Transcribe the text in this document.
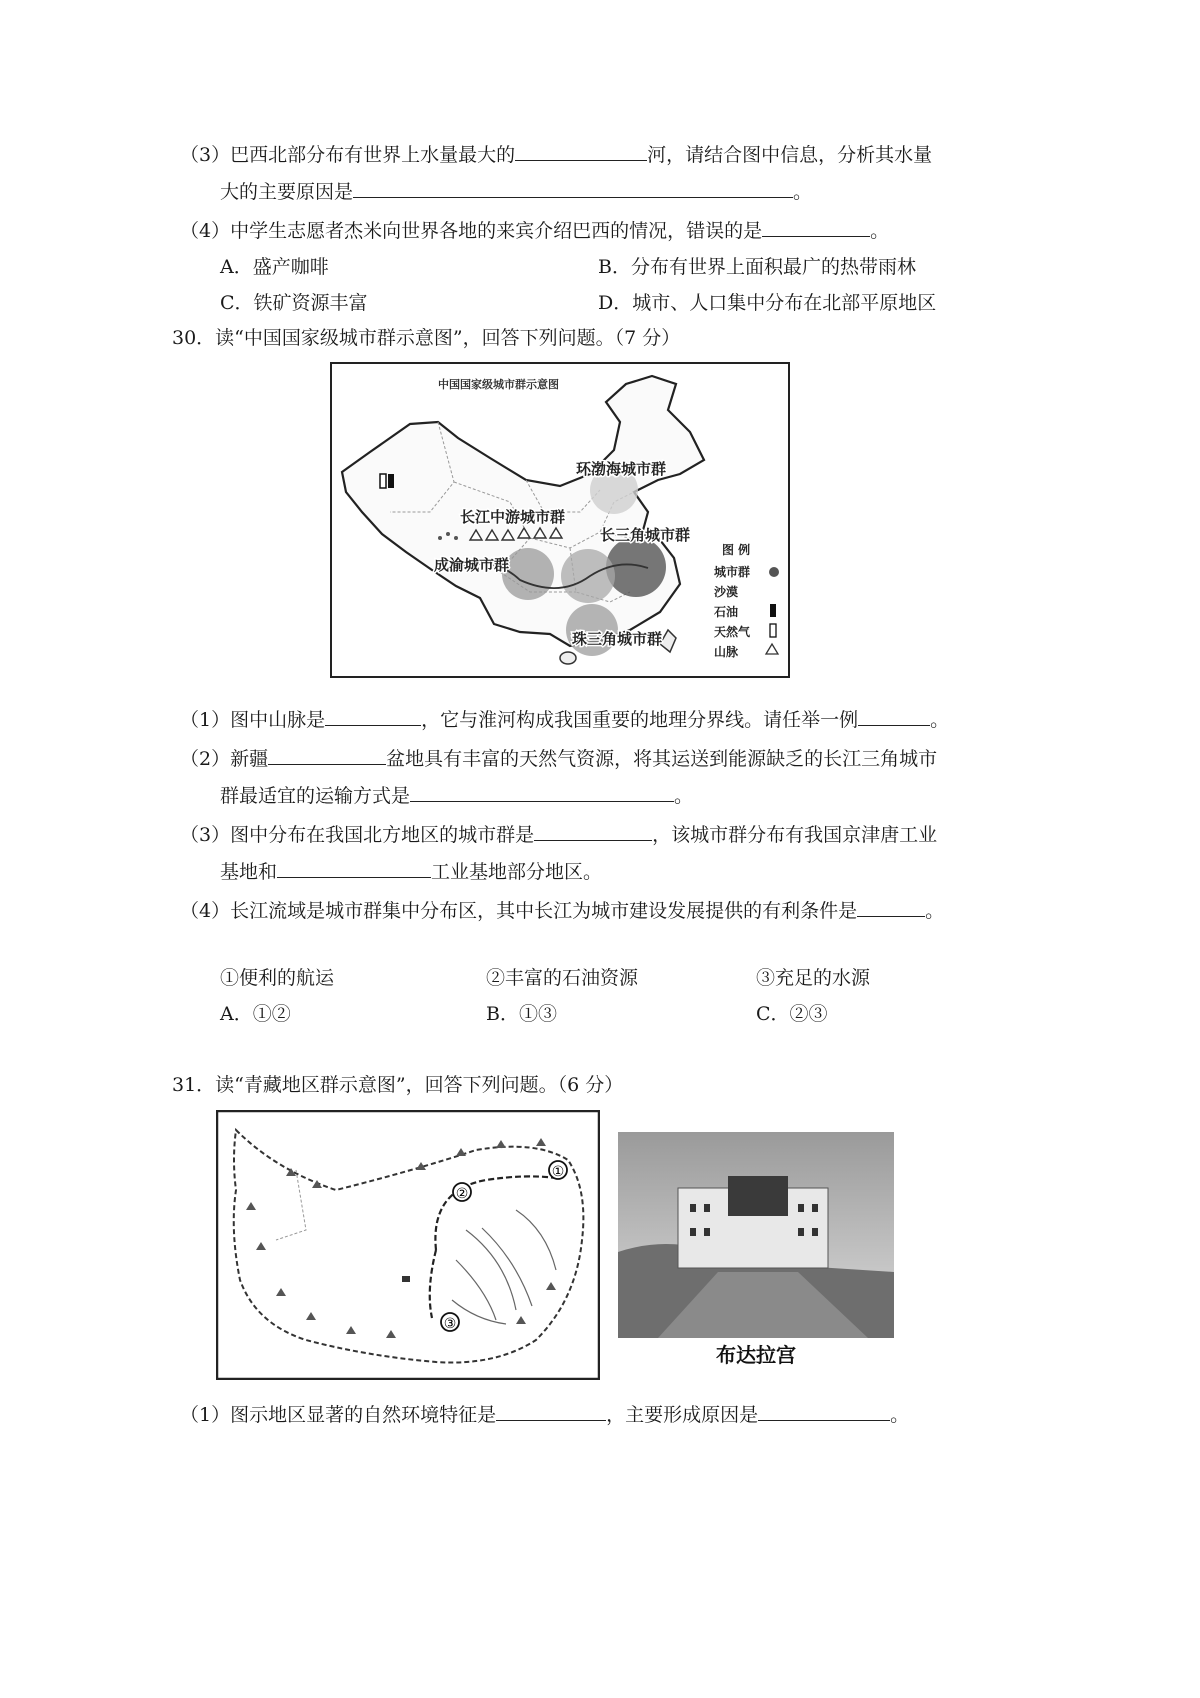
（3）巴西北部分布有世界上水量最大的	河，请结合图中信息，分析其水量
大的主要原因是	。
（4）中学生志愿者杰米向世界各地的来宾介绍巴西的情况，错误的是	。
A．盛产咖啡	B．分布有世界上面积最广的热带雨林
C．铁矿资源丰富	D．城市、人口集中分布在北部平原地区
30．读“中国国家级城市群示意图”，回答下列问题。（7 分）
中国国家级城市群示意图
环渤海城市群
长江中游城市群
长三角城市群
成渝城市群
珠三角城市群
图 例
城市群
沙漠
石油
天然气
山脉
（1）图中山脉是	，它与淮河构成我国重要的地理分界线。请任举一例	。
（2）新疆	盆地具有丰富的天然气资源，将其运送到能源缺乏的长江三角城市
群最适宜的运输方式是	。
（3）图中分布在我国北方地区的城市群是	，该城市群分布有我国京津唐工业
基地和	工业基地部分地区。
（4）长江流域是城市群集中分布区，其中长江为城市建设发展提供的有利条件是	。
①便利的航运	②丰富的石油资源	③充足的水源
A．①②	B．①③	C．②③
31．读“青藏地区群示意图”，回答下列问题。（6 分）
①
②
③
布达拉宫
（1）图示地区显著的自然环境特征是	，主要形成原因是	。
